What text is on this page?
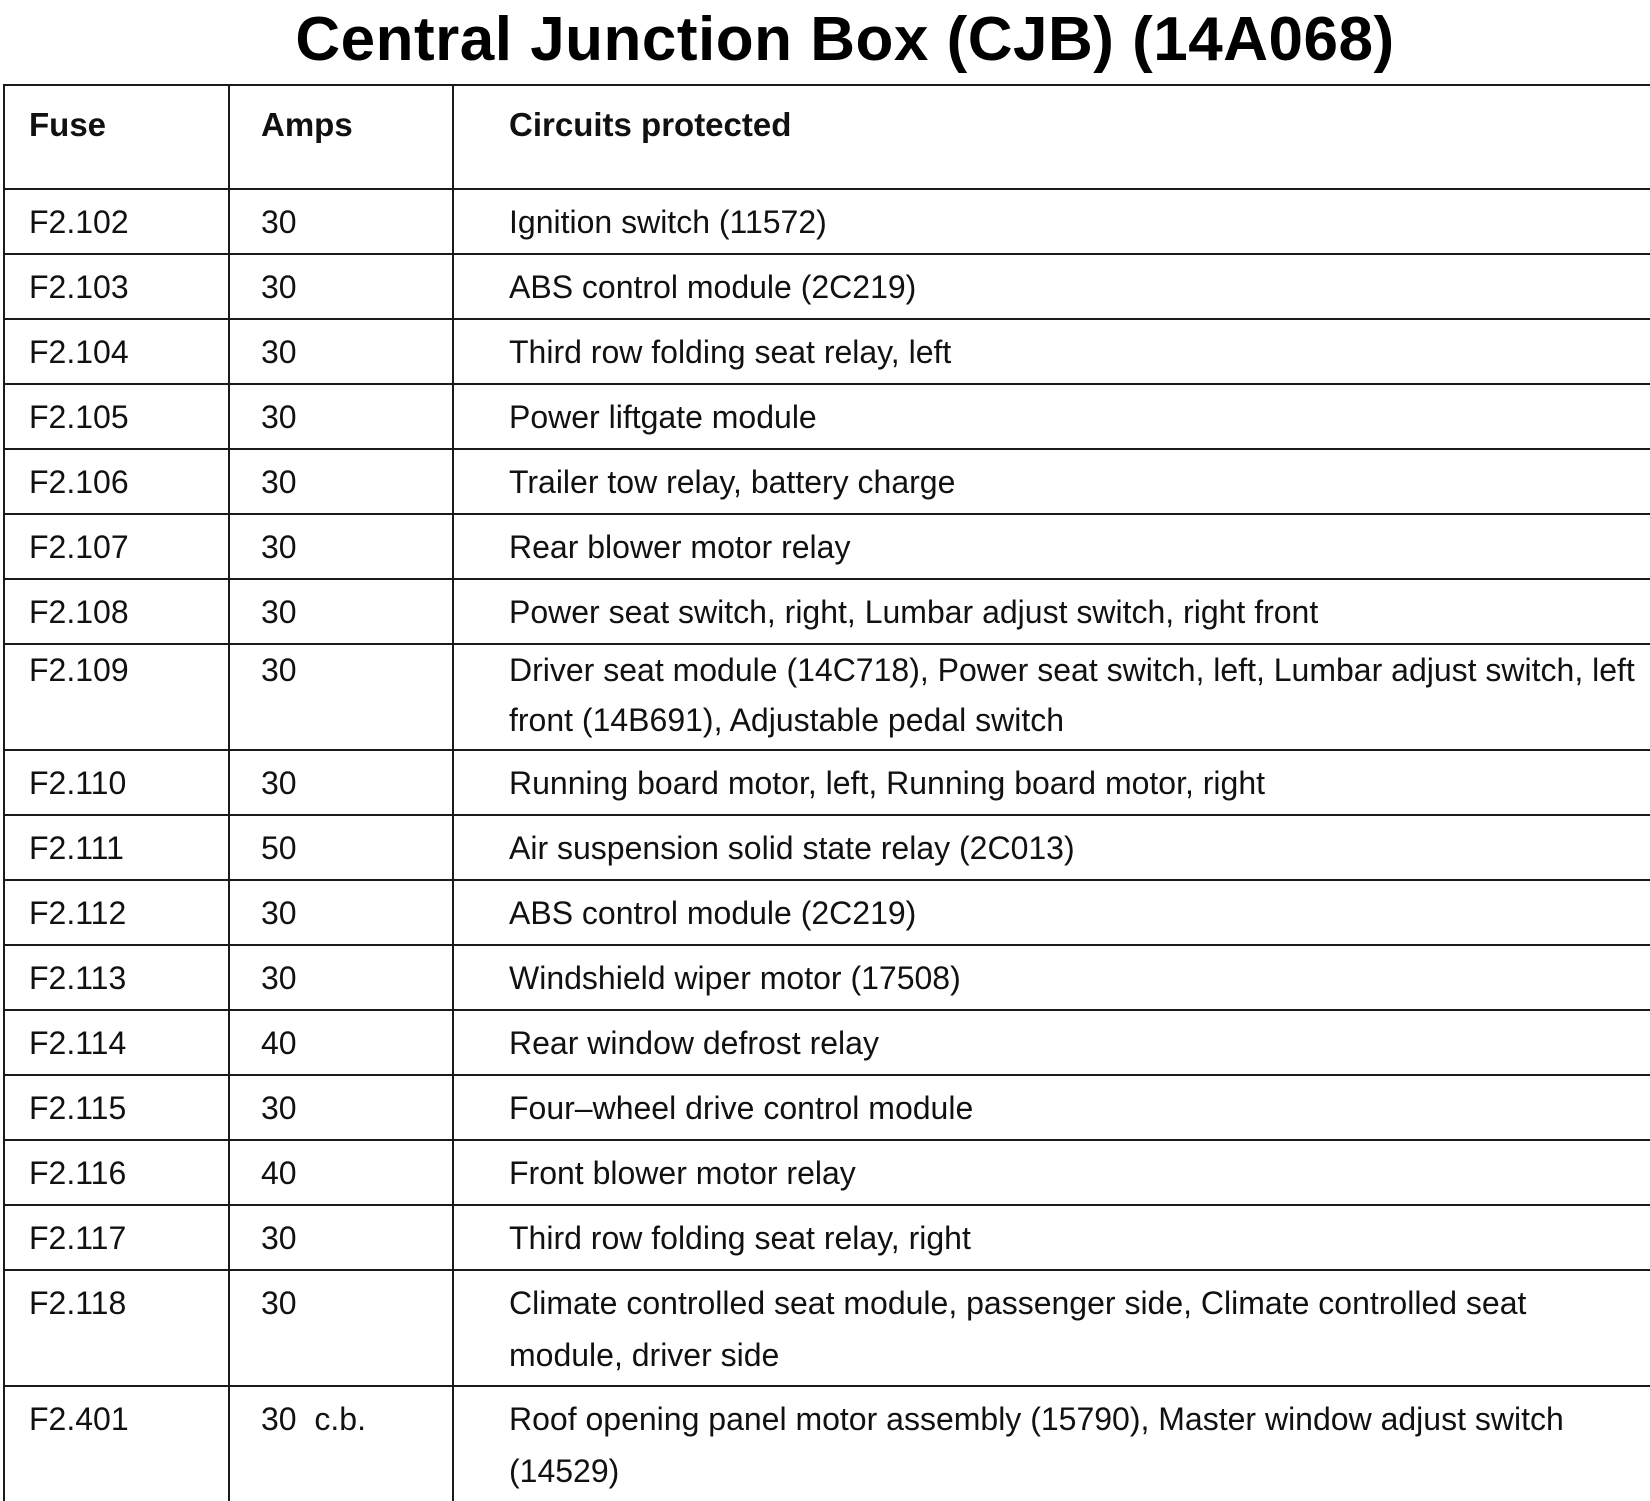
Central Junction Box (CJB) (14A068)
Fuse	Amps	Circuits protected
F2.102	30	Ignition switch (11572)
F2.103	30	ABS control module (2C219)
F2.104	30	Third row folding seat relay, left
F2.105	30	Power liftgate module
F2.106	30	Trailer tow relay, battery charge
F2.107	30	Rear blower motor relay
F2.108	30	Power seat switch, right, Lumbar adjust switch, right front
F2.109	30	Driver seat module (14C718), Power seat switch, left, Lumbar adjust switch, left front (14B691), Adjustable pedal switch
F2.110	30	Running board motor, left, Running board motor, right
F2.111	50	Air suspension solid state relay (2C013)
F2.112	30	ABS control module (2C219)
F2.113	30	Windshield wiper motor (17508)
F2.114	40	Rear window defrost relay
F2.115	30	Four–wheel drive control module
F2.116	40	Front blower motor relay
F2.117	30	Third row folding seat relay, right
F2.118	30	Climate controlled seat module, passenger side, Climate controlled seat module, driver side
F2.401	30  c.b.	Roof opening panel motor assembly (15790), Master window adjust switch (14529)
